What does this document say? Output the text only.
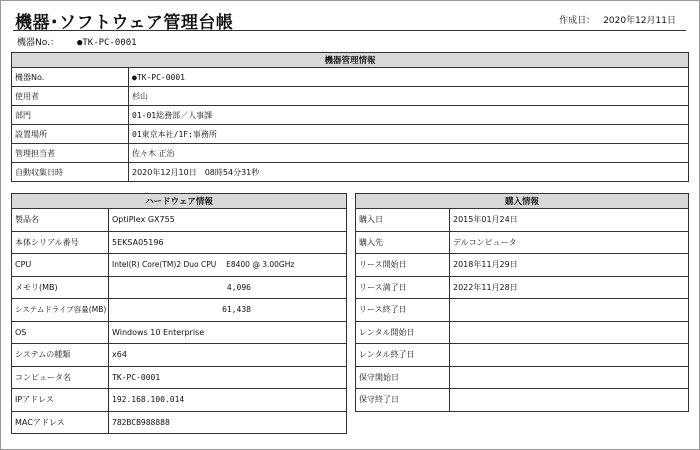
機器･ソフトウェア管理台帳	作成日： 2020年12月11日
機器No.： ●TK-PC-0001
機器管理情報	
機器No.	●TK-PC-0001
使用者	杉山
部門	01-01総務部／人事課
設置場所	01東京本社/1F:事務所
管理担当者	佐々木 正治
自動収集日時	2020年12月10日　08時54分31秒
ハードウェア情報	
製品名	OptiPlex GX755
本体シリアル番号	5EKSA05196
CPU	Intel(R) Core(TM)2 Duo CPU　 E8400 @ 3.00GHz
メモリ(MB)	4,096
システムドライブ容量(MB)	61,438
OS	Windows 10 Enterprise
システムの種類	x64
コンピュータ名	TK-PC-0001
IPアドレス	192.168.100.014
MACアドレス	782BCB988888
購入情報	
購入日	2015年01月24日
購入先	デルコンピュータ
リース開始日	2018年11月29日
リース満了日	2022年11月28日
リース終了日	
レンタル開始日	
レンタル終了日	
保守開始日	
保守終了日	
